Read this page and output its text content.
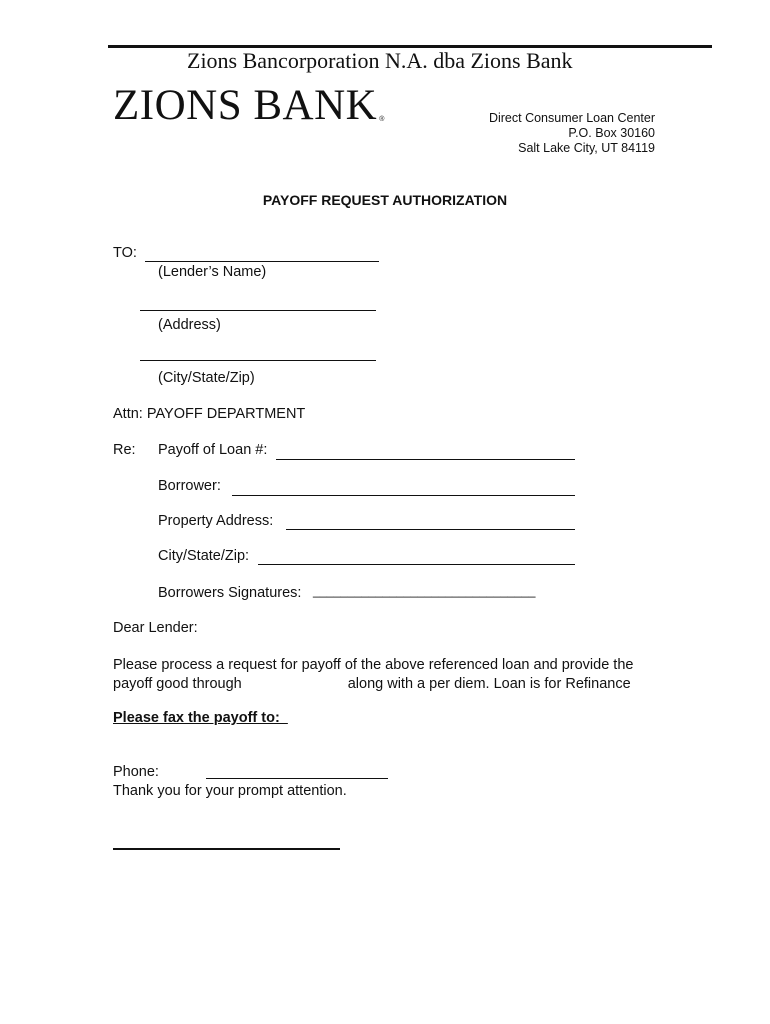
Zions Bancorporation N.A. dba Zions Bank
ZIONS BANK ®	Direct Consumer Loan Center
P.O. Box 30160
Salt Lake City, UT 84119
PAYOFF REQUEST AUTHORIZATION
TO:
(Lender’s Name)
(Address)
(City/State/Zip)
Attn: PAYOFF DEPARTMENT
Re: Payoff of Loan #:
Borrower:
Property Address:
City/State/Zip:
Borrowers Signatures: ________________________________
Dear Lender:
Please process a request for payoff of the above referenced loan and provide the
payoff good through	along with a per diem. Loan is for Refinance
Please fax the payoff to:
Phone:
Thank you for your prompt attention.
